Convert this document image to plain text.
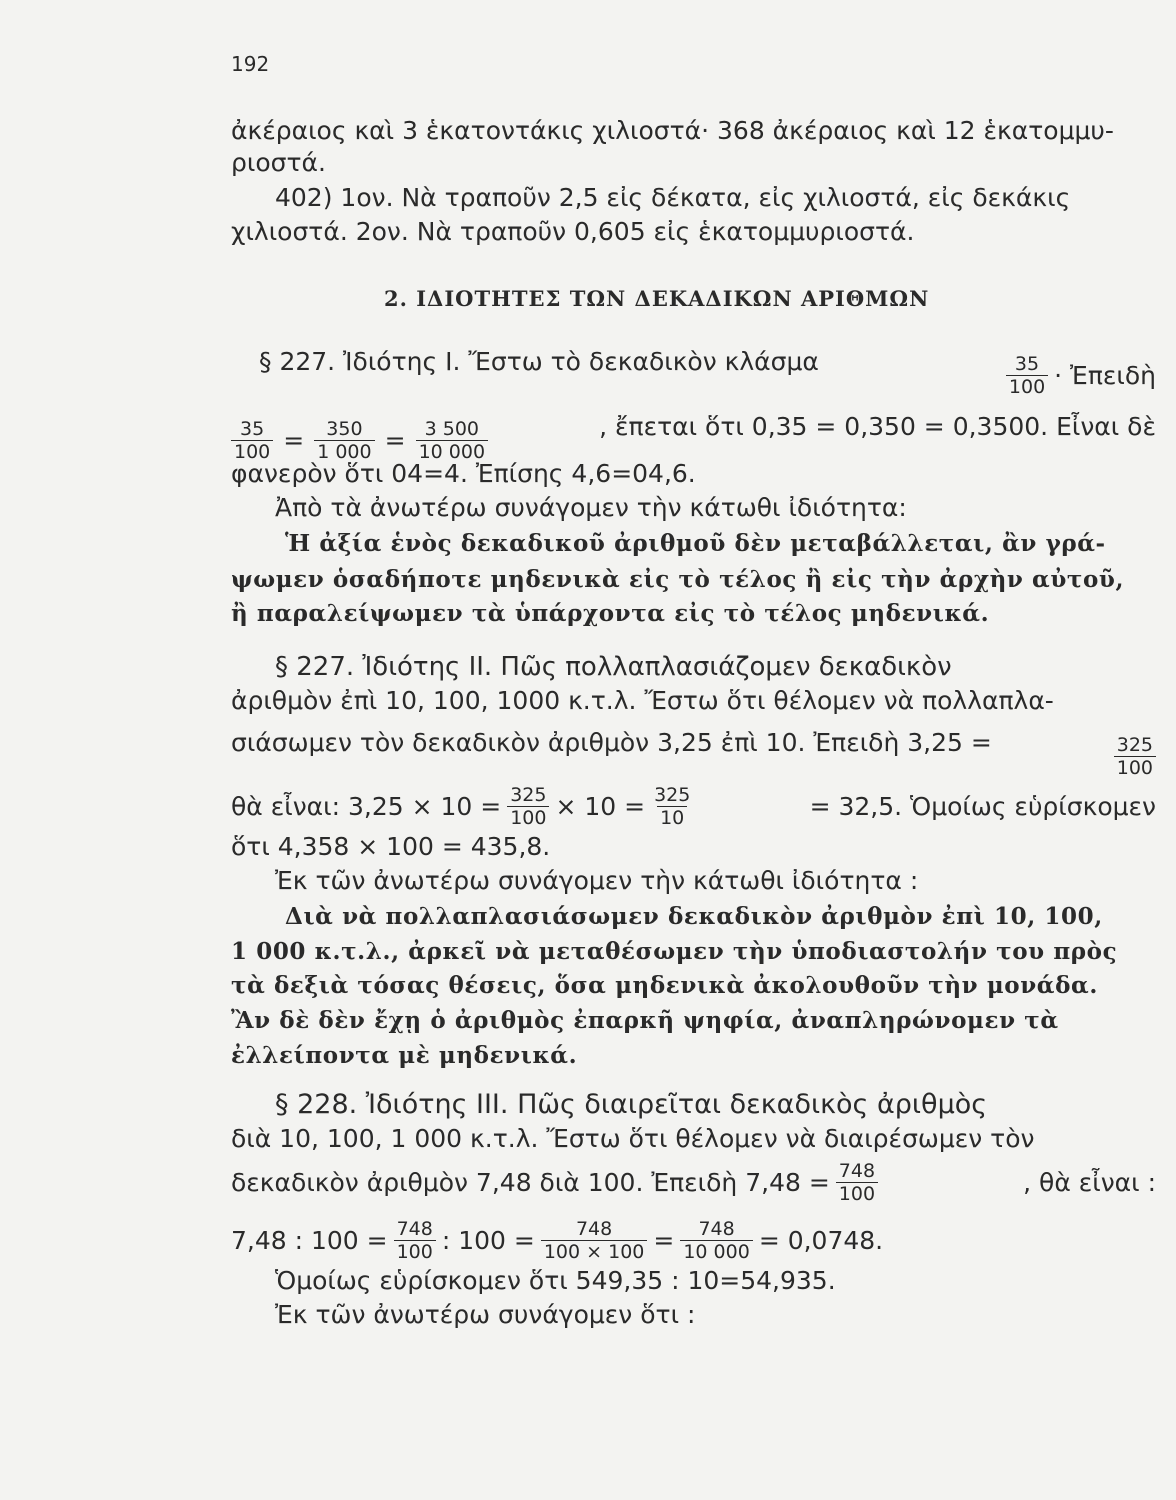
192
ἀκέραιος καὶ 3 ἑκατοντάκις χιλιοστά· 368 ἀκέραιος καὶ 12 ἑκατομμυ-
ριοστά.
402) 1ον. Νὰ τραποῦν 2,5 εἰς δέκατα, εἰς χιλιοστά, εἰς δεκάκις
χιλιοστά. 2ον. Νὰ τραποῦν 0,605 εἰς ἑκατομμυριοστά.
2. ΙΔΙΟΤΗΤΕΣ ΤΩΝ ΔΕΚΑΔΙΚΩΝ ΑΡΙΘΜΩΝ
§ 227. Ἰδιότης Ι. Ἔστω τὸ δεκαδικὸν κλάσμα	$\frac{35}{100}$ · Ἐπειδὴ
$\frac{35}{100} = \frac{350}{1 000} = \frac{3 500}{10 000}$	, ἔπεται ὅτι 0,35 = 0,350 = 0,3500. Εἶναι δὲ
φανερὸν ὅτι 04=4. Ἐπίσης 4,6=04,6.
Ἀπὸ τὰ ἀνωτέρω συνάγομεν τὴν κάτωθι ἰδιότητα:
Ἡ ἀξία ἑνὸς δεκαδικοῦ ἀριθμοῦ δὲν μεταβάλλεται, ἂν γρά-
ψωμεν ὁσαδήποτε μηδενικὰ εἰς τὸ τέλος ἢ εἰς τὴν ἀρχὴν αὐτοῦ,
ἢ παραλείψωμεν τὰ ὑπάρχοντα εἰς τὸ τέλος μηδενικά.
§ 227. Ἰδιότης ΙΙ. Πῶς πολλαπλασιάζομεν δεκαδικὸν
ἀριθμὸν ἐπὶ 10, 100, 1000 κ.τ.λ. Ἔστω ὅτι θέλομεν νὰ πολλαπλα-
σιάσωμεν τὸν δεκαδικὸν ἀριθμὸν 3,25 ἐπὶ 10. Ἐπειδὴ 3,25 =	$\frac{325}{100}$
θὰ εἶναι: $3,25 \times 10 = \frac{325}{100} \times 10 = \frac{325}{10}$	= 32,5. Ὁμοίως εὑρίσκομεν
ὅτι 4,358 × 100 = 435,8.
Ἐκ τῶν ἀνωτέρω συνάγομεν τὴν κάτωθι ἰδιότητα :
Διὰ νὰ πολλαπλασιάσωμεν δεκαδικὸν ἀριθμὸν ἐπὶ 10, 100,
1 000 κ.τ.λ., ἀρκεῖ νὰ μεταθέσωμεν τὴν ὑποδιαστολήν του πρὸς
τὰ δεξιὰ τόσας θέσεις, ὅσα μηδενικὰ ἀκολουθοῦν τὴν μονάδα.
Ἂν δὲ δὲν ἔχῃ ὁ ἀριθμὸς ἐπαρκῆ ψηφία, ἀναπληρώνομεν τὰ
ἐλλείποντα μὲ μηδενικά.
§ 228. Ἰδιότης ΙΙΙ. Πῶς διαιρεῖται δεκαδικὸς ἀριθμὸς
διὰ 10, 100, 1 000 κ.τ.λ. Ἔστω ὅτι θέλομεν νὰ διαιρέσωμεν τὸν
δεκαδικὸν ἀριθμὸν 7,48 διὰ 100. Ἐπειδὴ $7,48 = \frac{748}{100}$	, θὰ εἶναι :
7,48 : $100 = \frac{748}{100}$ : $100 = \frac{748}{100 \times 100} = \frac{748}{10 000} = 0,0748$.
Ὁμοίως εὑρίσκομεν ὅτι 549,35 : 10=54,935.
Ἐκ τῶν ἀνωτέρω συνάγομεν ὅτι :
